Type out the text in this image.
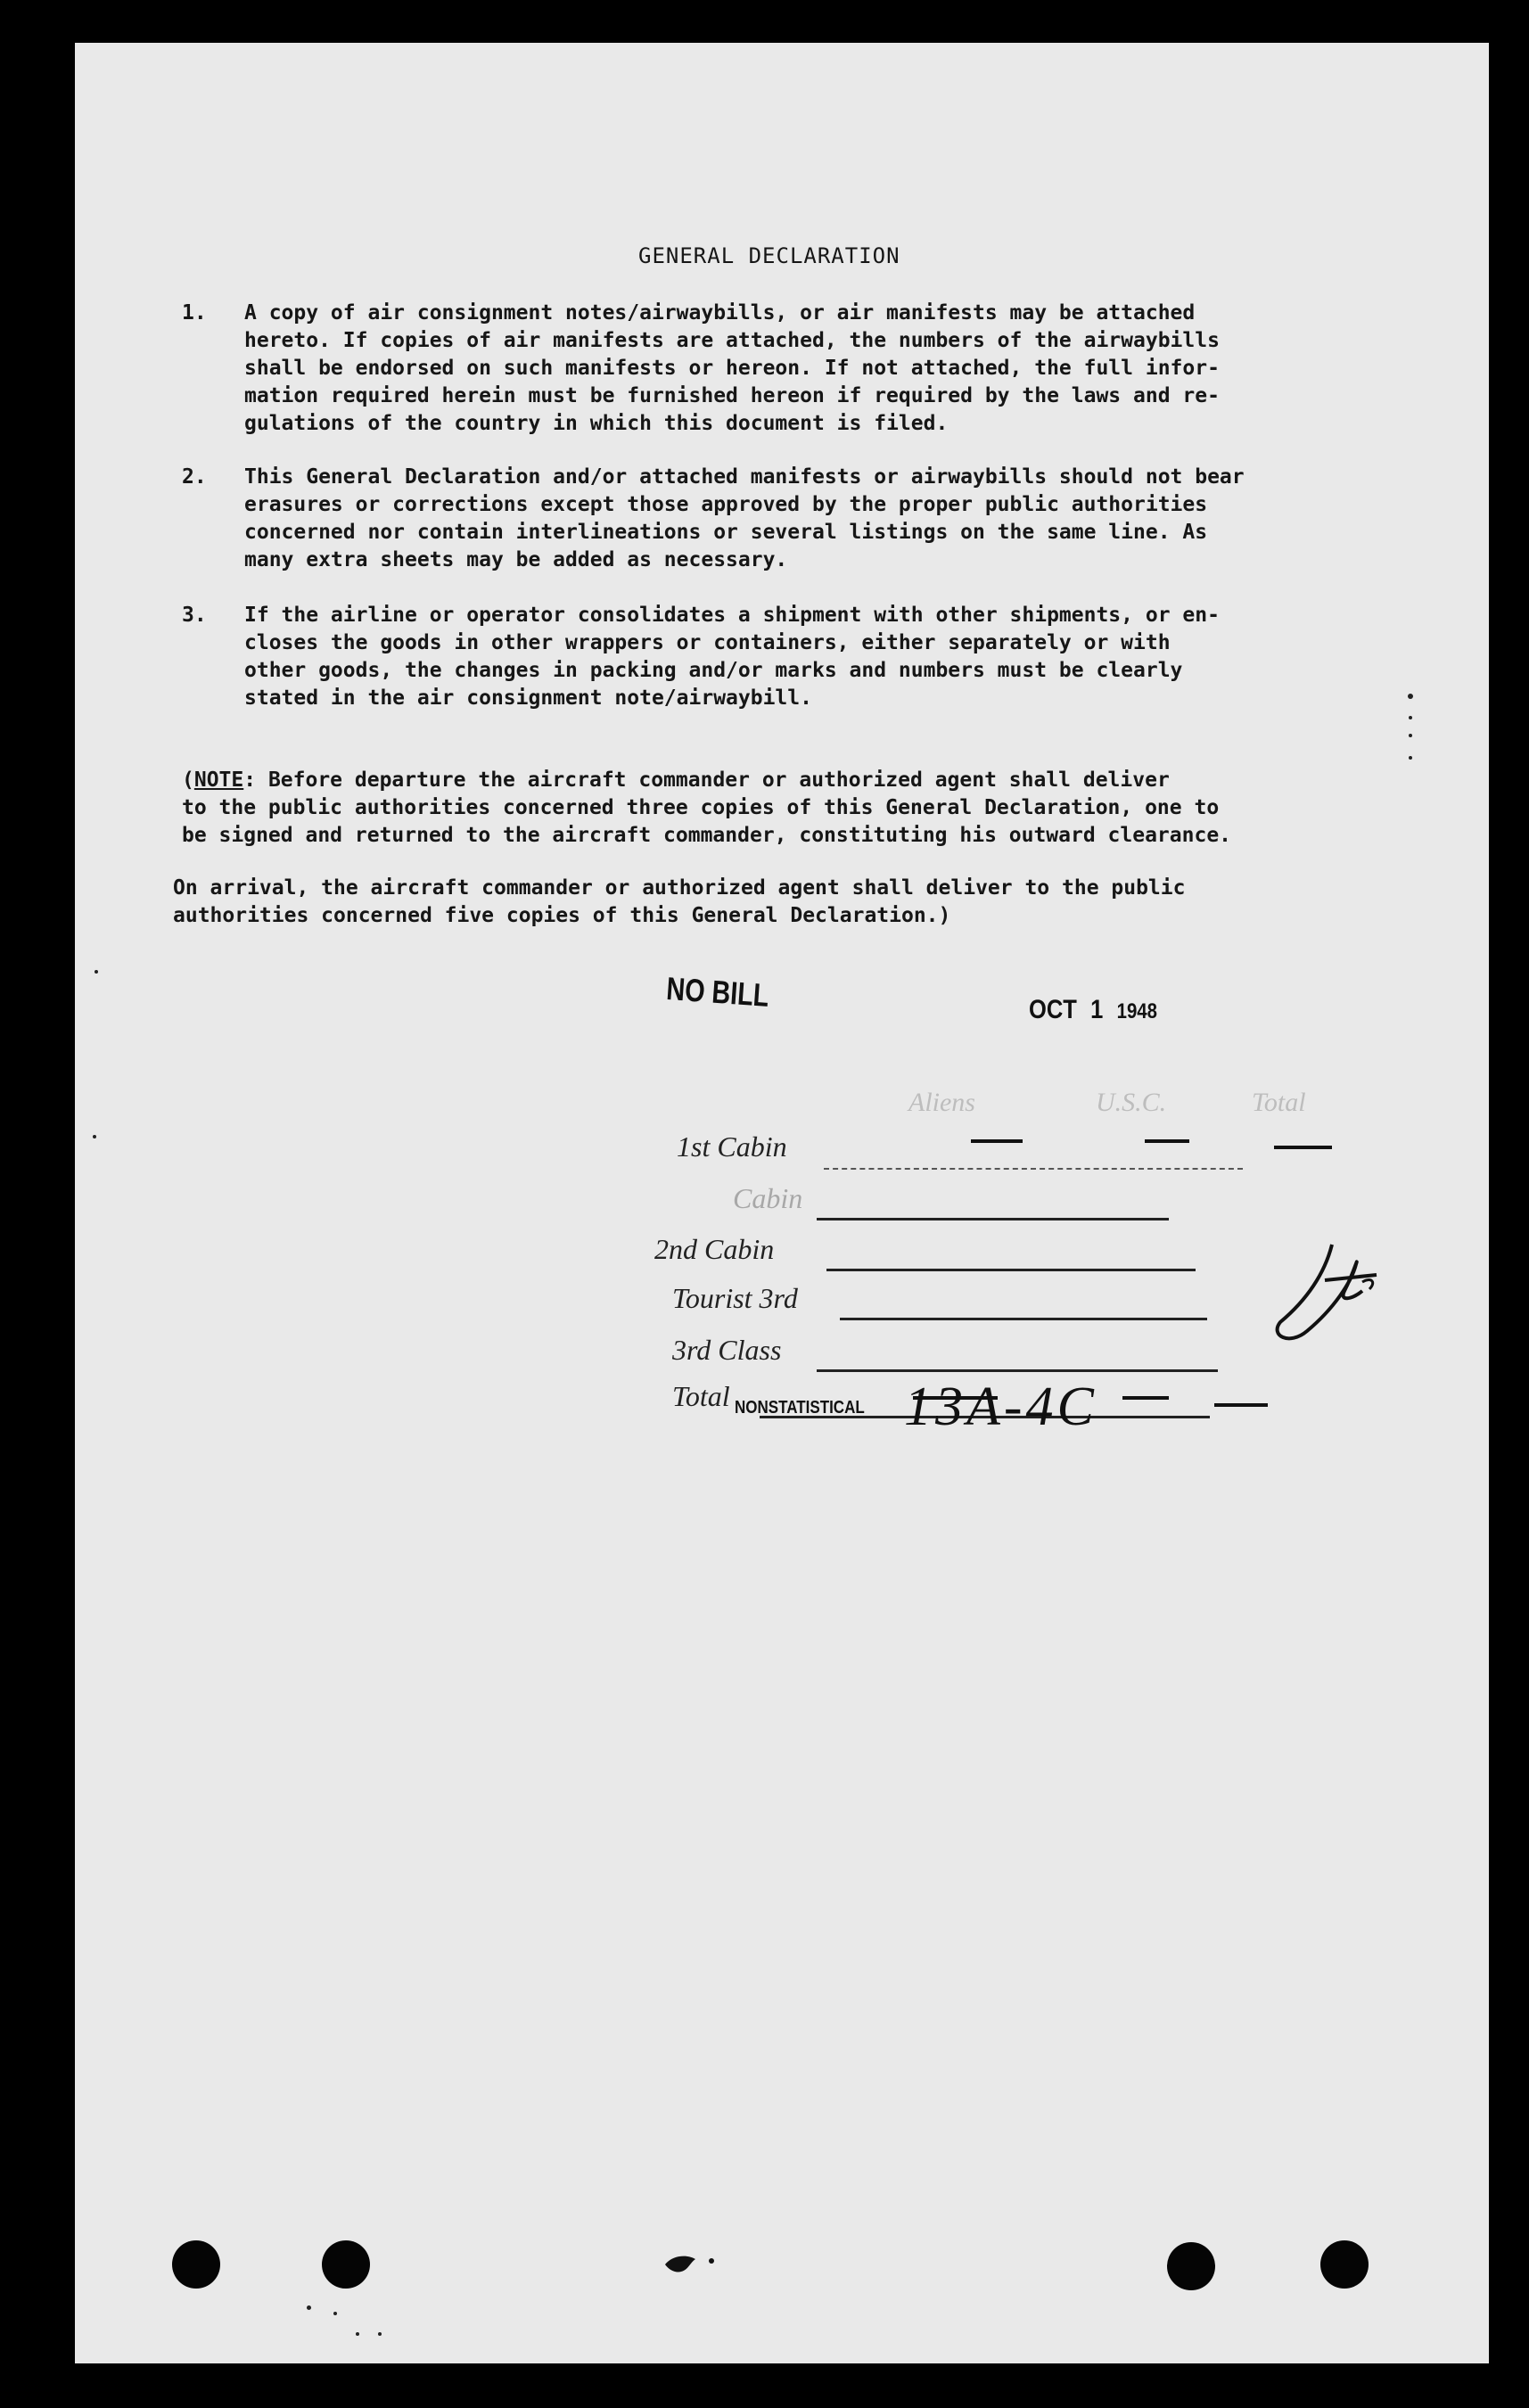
GENERAL DECLARATION
1.	A copy of air consignment notes/airwaybills, or air manifests may be attached
hereto. If copies of air manifests are attached, the numbers of the airwaybills
shall be endorsed on such manifests or hereon. If not attached, the full infor-
mation required herein must be furnished hereon if required by the laws and re-
gulations of the country in which this document is filed.
2.	This General Declaration and/or attached manifests or airwaybills should not bear
erasures or corrections except those approved by the proper public authorities
concerned nor contain interlineations or several listings on the same line. As
many extra sheets may be added as necessary.
3.	If the airline or operator consolidates a shipment with other shipments, or en-
closes the goods in other wrappers or containers, either separately or with
other goods, the changes in packing and/or marks and numbers must be clearly
stated in the air consignment note/airwaybill.
(NOTE: Before departure the aircraft commander or authorized agent shall deliver
to the public authorities concerned three copies of this General Declaration, one to
be signed and returned to the aircraft commander, constituting his outward clearance.
On arrival, the aircraft commander or authorized agent shall deliver to the public
authorities concerned five copies of this General Declaration.)
NO BILL	OCT 1 1948
Aliens	U.S.C.	Total
1st Cabin
Cabin
2nd Cabin
Tourist 3rd
3rd Class
Total NONSTATISTICAL 13A-4C
